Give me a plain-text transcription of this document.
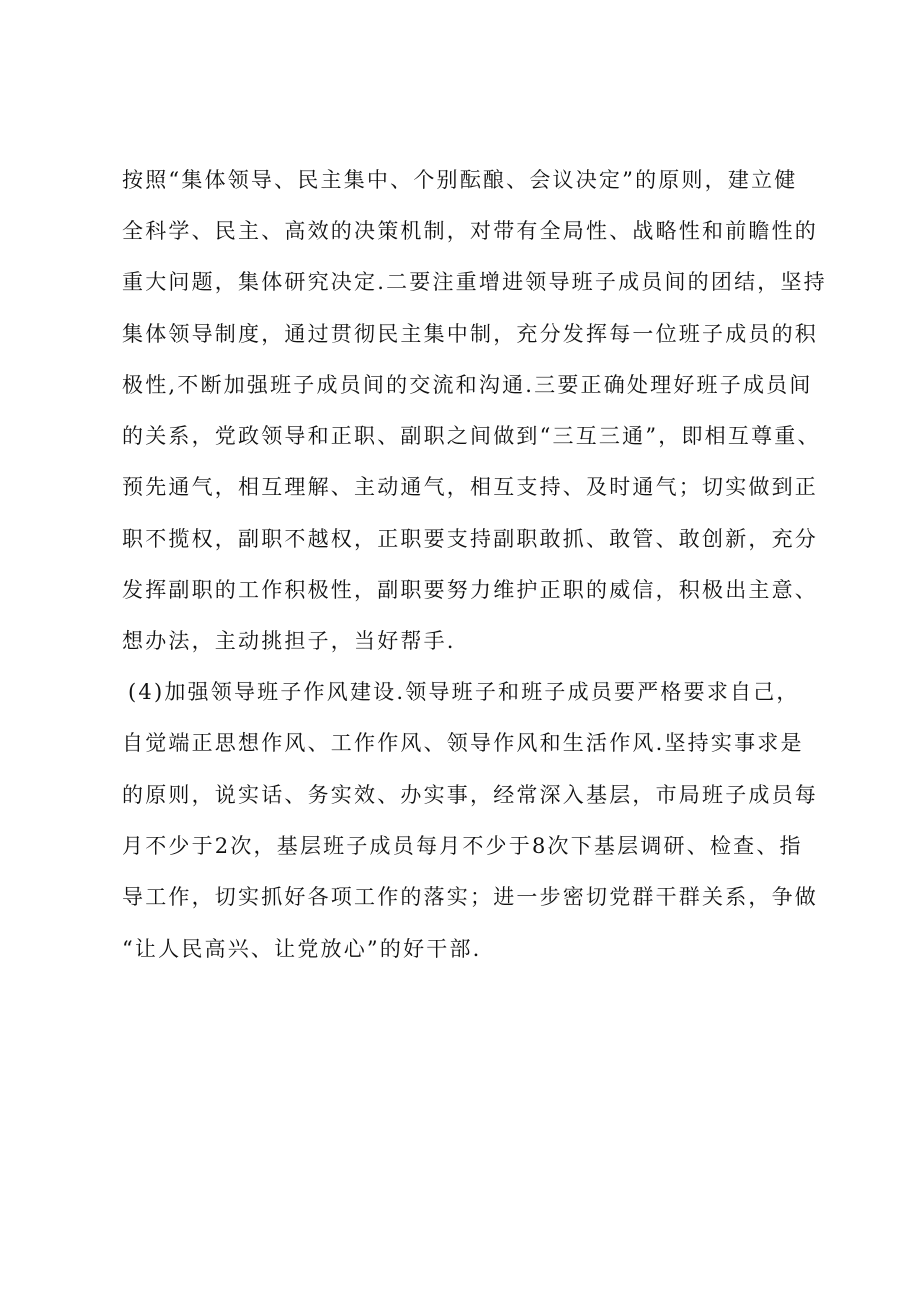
按照“集体领导、民主集中、个别酝酿、会议决定”的原则，建立健
全科学、民主、高效的决策机制，对带有全局性、战略性和前瞻性的
重大问题，集体研究决定.二要注重增进领导班子成员间的团结，坚持
集体领导制度，通过贯彻民主集中制，充分发挥每一位班子成员的积
极性,不断加强班子成员间的交流和沟通.三要正确处理好班子成员间
的关系，党政领导和正职、副职之间做到“三互三通”，即相互尊重、
预先通气，相互理解、主动通气，相互支持、及时通气；切实做到正
职不揽权，副职不越权，正职要支持副职敢抓、敢管、敢创新，充分
发挥副职的工作积极性，副职要努力维护正职的威信，积极出主意、
想办法，主动挑担子，当好帮手.
(4)加强领导班子作风建设.领导班子和班子成员要严格要求自己，
自觉端正思想作风、工作作风、领导作风和生活作风.坚持实事求是
的原则，说实话、务实效、办实事，经常深入基层，市局班子成员每
月不少于2次，基层班子成员每月不少于8次下基层调研、检查、指
导工作，切实抓好各项工作的落实；进一步密切党群干群关系，争做
“让人民高兴、让党放心”的好干部.
